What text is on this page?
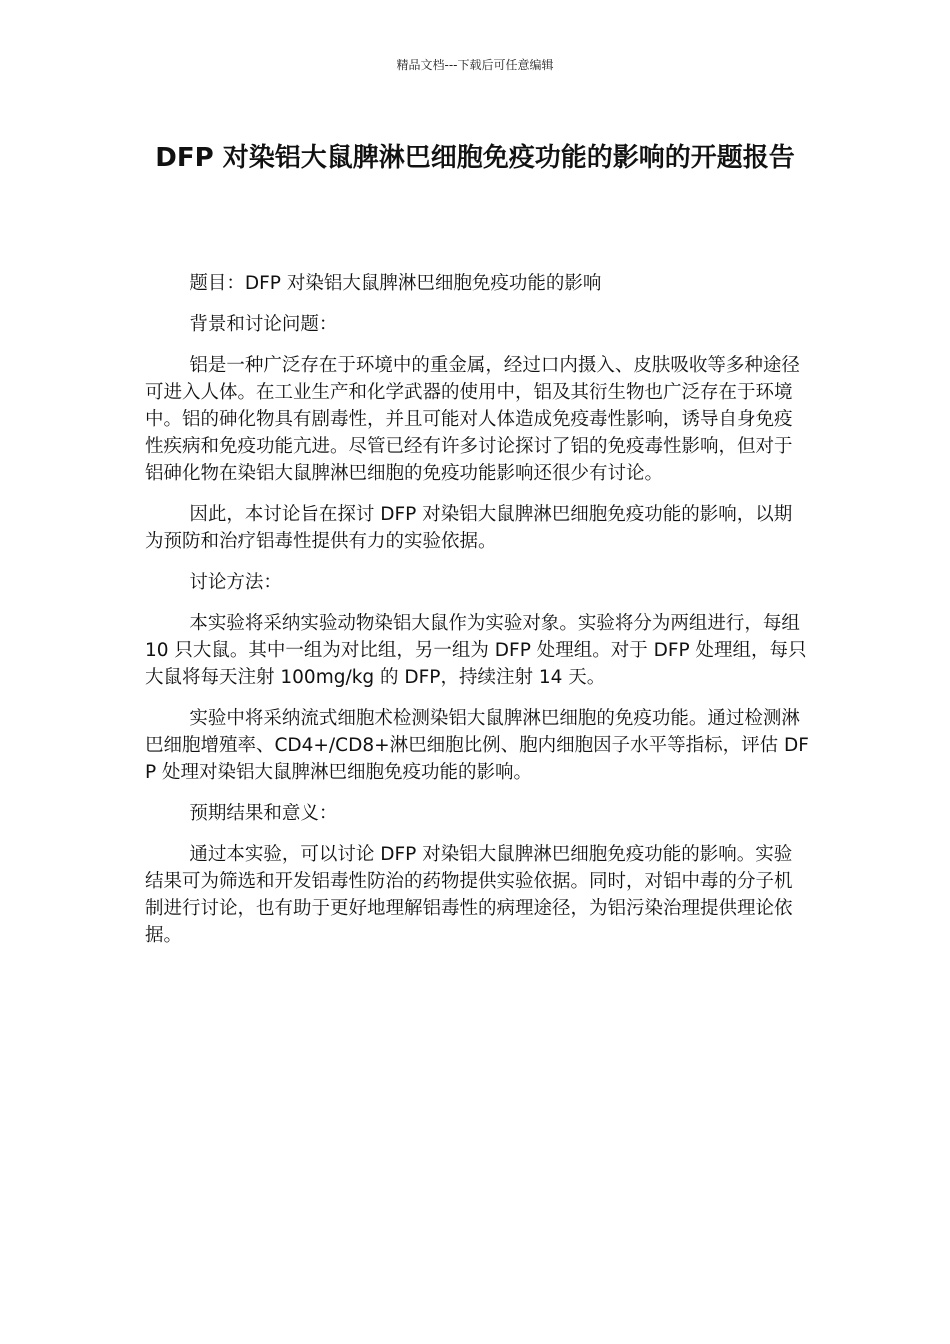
精品文档---下载后可任意编辑
DFP 对染铝大鼠脾淋巴细胞免疫功能的影响的开题报告

题目：DFP 对染铝大鼠脾淋巴细胞免疫功能的影响

背景和讨论问题：

铝是一种广泛存在于环境中的重金属，经过口内摄入、皮肤吸收等多种途径可进入人体。在工业生产和化学武器的使用中，铝及其衍生物也广泛存在于环境中。铝的砷化物具有剧毒性，并且可能对人体造成免疫毒性影响，诱导自身免疫性疾病和免疫功能亢进。尽管已经有许多讨论探讨了铝的免疫毒性影响，但对于铝砷化物在染铝大鼠脾淋巴细胞的免疫功能影响还很少有讨论。

因此，本讨论旨在探讨 DFP 对染铝大鼠脾淋巴细胞免疫功能的影响，以期为预防和治疗铝毒性提供有力的实验依据。

讨论方法：

本实验将采纳实验动物染铝大鼠作为实验对象。实验将分为两组进行，每组 10 只大鼠。其中一组为对比组，另一组为 DFP 处理组。对于 DFP 处理组，每只大鼠将每天注射 100mg/kg 的 DFP，持续注射 14 天。

实验中将采纳流式细胞术检测染铝大鼠脾淋巴细胞的免疫功能。通过检测淋巴细胞增殖率、CD4+/CD8+淋巴细胞比例、胞内细胞因子水平等指标，评估 DFP 处理对染铝大鼠脾淋巴细胞免疫功能的影响。

预期结果和意义：

通过本实验，可以讨论 DFP 对染铝大鼠脾淋巴细胞免疫功能的影响。实验结果可为筛选和开发铝毒性防治的药物提供实验依据。同时，对铝中毒的分子机制进行讨论，也有助于更好地理解铝毒性的病理途径，为铝污染治理提供理论依据。
